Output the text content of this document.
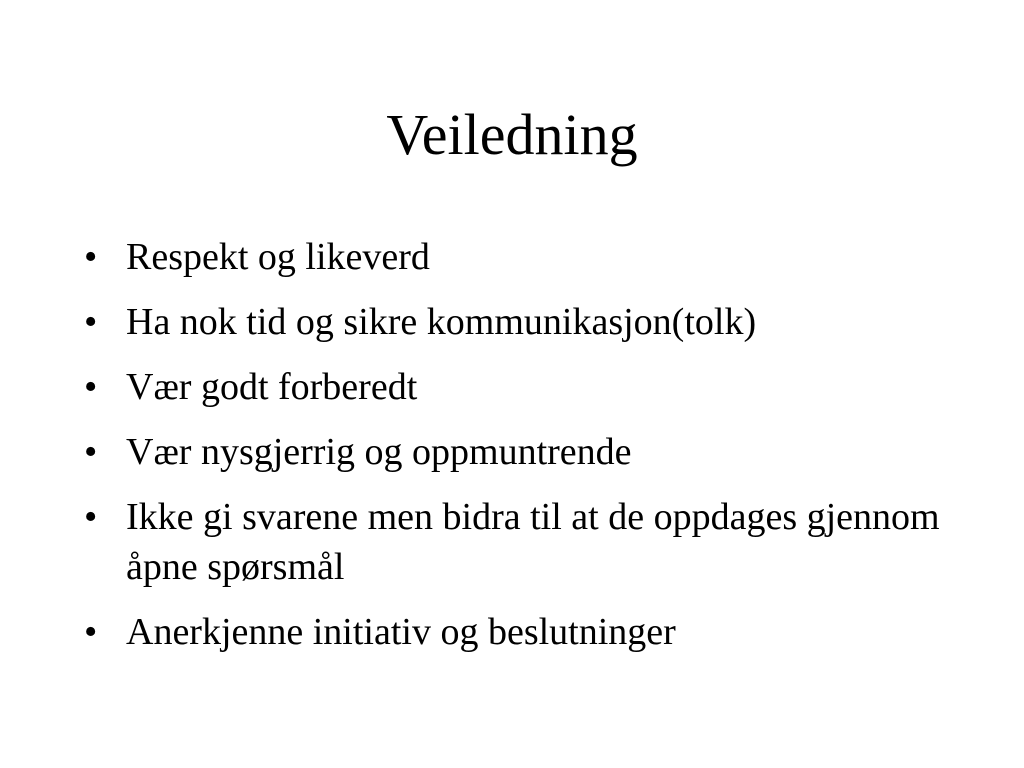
Veiledning
• Respekt og likeverd
• Ha nok tid og sikre kommunikasjon(tolk)
• Vær godt forberedt
• Vær nysgjerrig og oppmuntrende
• Ikke gi svarene men bidra til at de oppdages gjennom åpne spørsmål
• Anerkjenne initiativ og beslutninger
